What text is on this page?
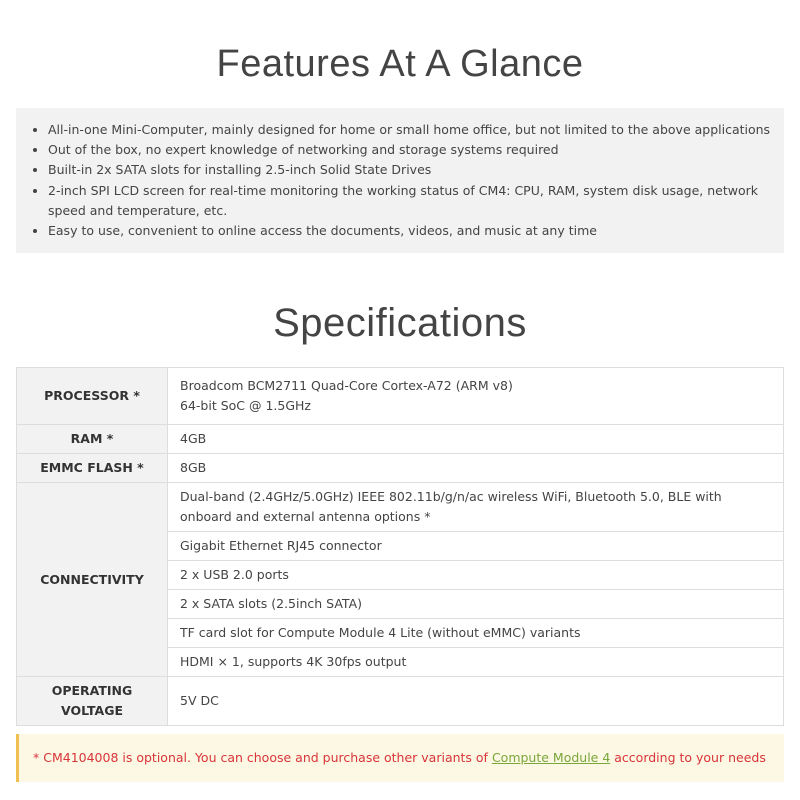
Features At A Glance
• All-in-one Mini-Computer, mainly designed for home or small home office, but not limited to the above applications
• Out of the box, no expert knowledge of networking and storage systems required
• Built-in 2x SATA slots for installing 2.5-inch Solid State Drives
• 2-inch SPI LCD screen for real-time monitoring the working status of CM4: CPU, RAM, system disk usage, network speed and temperature, etc.
• Easy to use, convenient to online access the documents, videos, and music at any time
Specifications
PROCESSOR *	Broadcom BCM2711 Quad-Core Cortex-A72 (ARM v8)
64-bit SoC @ 1.5GHz

RAM *	4GB
EMMC FLASH *	8GB
CONNECTIVITY	Dual-band (2.4GHz/5.0GHz) IEEE 802.11b/g/n/ac wireless WiFi, Bluetooth 5.0, BLE with onboard and external antenna options *
	Gigabit Ethernet RJ45 connector
	2 x USB 2.0 ports
	2 x SATA slots (2.5inch SATA)
	TF card slot for Compute Module 4 Lite (without eMMC) variants
	HDMI × 1, supports 4K 30fps output

OPERATING
VOLTAGE	5V DC
* CM4104008 is optional. You can choose and purchase other variants of Compute Module 4 according to your needs
